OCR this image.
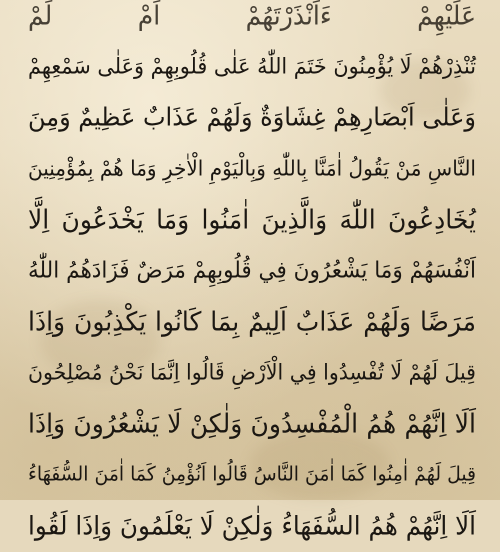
عَلَيْهِمْ ءَاَنْذَرْتَهُمْ اَمْ لَمْ
تُنْذِرْهُمْ لَا يُؤْمِنُونَ خَتَمَ اللّٰهُ عَلٰى قُلُوبِهِمْ وَعَلٰى سَمْعِهِمْ
وَعَلٰى اَبْصَارِهِمْ غِشَاوَةٌ وَلَهُمْ عَذَابٌ عَظِيمٌ وَمِنَ
النَّاسِ مَنْ يَقُولُ اٰمَنَّا بِاللّٰهِ وَبِالْيَوْمِ الْاٰخِرِ وَمَا هُمْ بِمُؤْمِنِينَ
يُخَادِعُونَ اللّٰهَ وَالَّذِينَ اٰمَنُوا وَمَا يَخْدَعُونَ اِلَّا
اَنْفُسَهُمْ وَمَا يَشْعُرُونَ فِي قُلُوبِهِمْ مَرَضٌ فَزَادَهُمُ اللّٰهُ
مَرَضًا وَلَهُمْ عَذَابٌ اَلِيمٌ بِمَا كَانُوا يَكْذِبُونَ وَاِذَا
قِيلَ لَهُمْ لَا تُفْسِدُوا فِي الْاَرْضِ قَالُوا اِنَّمَا نَحْنُ مُصْلِحُونَ
اَلَا اِنَّهُمْ هُمُ الْمُفْسِدُونَ وَلٰكِنْ لَا يَشْعُرُونَ وَاِذَا
قِيلَ لَهُمْ اٰمِنُوا كَمَا اٰمَنَ النَّاسُ قَالُوا اَنُؤْمِنُ كَمَا اٰمَنَ السُّفَهَاءُ
اَلَا اِنَّهُمْ هُمُ السُّفَهَاءُ وَلٰكِنْ لَا يَعْلَمُونَ وَاِذَا لَقُوا
